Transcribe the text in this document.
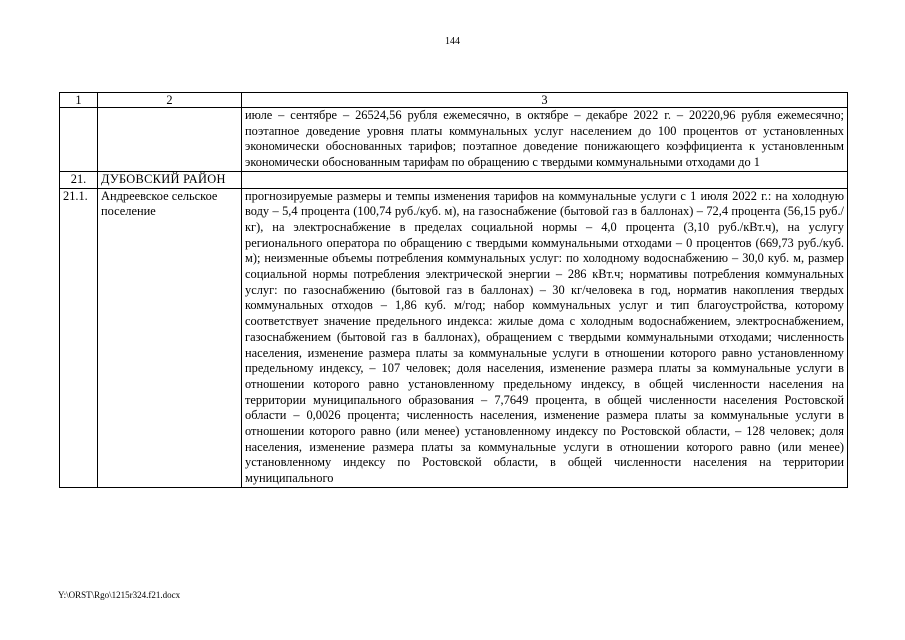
144
1	2	3
		июле – сентябре – 26524,56 рубля ежемесячно, в октябре – декабре 2022 г. – 20220,96 рубля ежемесячно; поэтапное доведение уровня платы коммунальных услуг населением до 100 процентов от установленных экономически обоснованных тарифов; поэтапное доведение понижающего коэффициента к установленным экономически обоснованным тарифам по обращению с твердыми коммунальными отходами до 1
21.	ДУБОВСКИЙ РАЙОН	
21.1.	Андреевское сельское поселение	прогнозируемые размеры и темпы изменения тарифов на коммунальные услуги с 1 июля 2022 г.: на холодную воду – 5,4 процента (100,74 руб./куб. м), на газоснабжение (бытовой газ в баллонах) – 72,4 процента (56,15 руб./кг), на электроснабжение в пределах социальной нормы – 4,0 процента (3,10 руб./кВт.ч), на услугу регионального оператора по обращению с твердыми коммунальными отходами – 0 процентов (669,73 руб./куб. м); неизменные объемы потребления коммунальных услуг: по холодному водоснабжению – 30,0 куб. м, размер социальной нормы потребления электрической энергии – 286 кВт.ч; нормативы потребления коммунальных услуг: по газоснабжению (бытовой газ в баллонах) – 30 кг/человека в год, норматив накопления твердых коммунальных отходов – 1,86 куб. м/год; набор коммунальных услуг и тип благоустройства, которому соответствует значение предельного индекса: жилые дома с холодным водоснабжением, электроснабжением, газоснабжением (бытовой газ в баллонах), обращением с твердыми коммунальными отходами; численность населения, изменение размера платы за коммунальные услуги в отношении которого равно установленному предельному индексу, – 107 человек; доля населения, изменение размера платы за коммунальные услуги в отношении которого равно установленному предельному индексу, в общей численности населения на территории муниципального образования – 7,7649 процента, в общей численности населения Ростовской области – 0,0026 процента; численность населения, изменение размера платы за коммунальные услуги в отношении которого равно (или менее) установленному индексу по Ростовской области, – 128 человек; доля населения, изменение размера платы за коммунальные услуги в отношении которого равно (или менее) установленному индексу по Ростовской области, в общей численности населения на территории муниципального
Y:\ORST\Rgo\1215r324.f21.docx
